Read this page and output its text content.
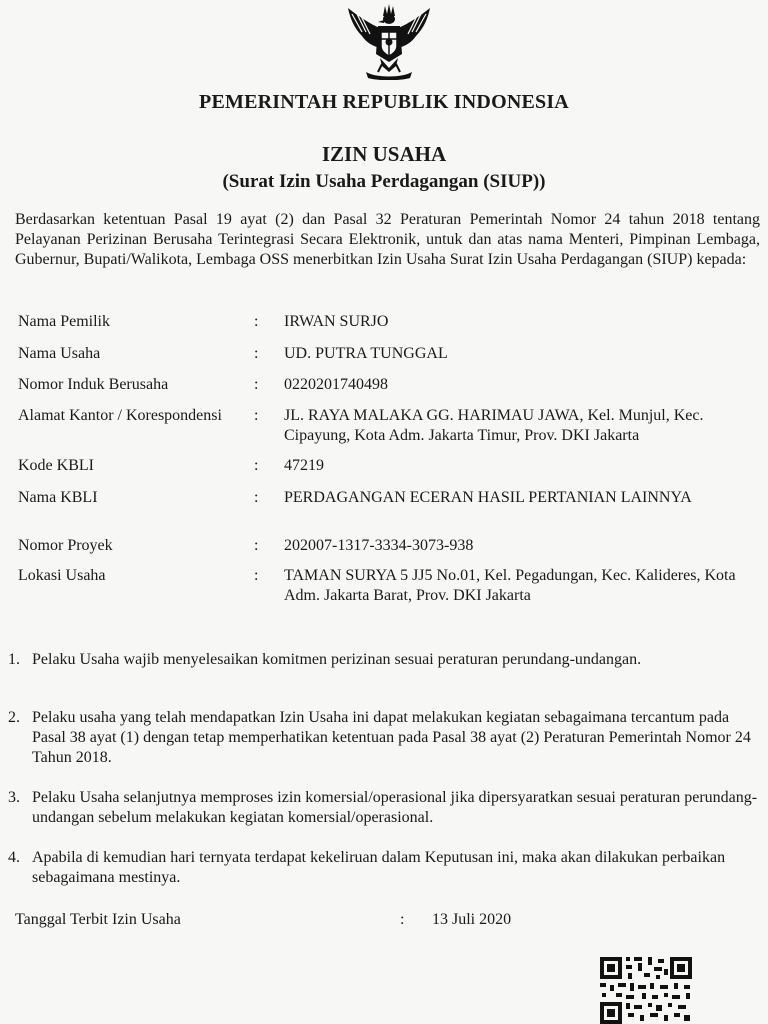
PEMERINTAH REPUBLIK INDONESIA
IZIN USAHA
(Surat Izin Usaha Perdagangan (SIUP))
Berdasarkan ketentuan Pasal 19 ayat (2) dan Pasal 32 Peraturan Pemerintah Nomor 24 tahun 2018 tentang Pelayanan Perizinan Berusaha Terintegrasi Secara Elektronik, untuk dan atas nama Menteri, Pimpinan Lembaga, Gubernur, Bupati/Walikota, Lembaga OSS menerbitkan Izin Usaha Surat Izin Usaha Perdagangan (SIUP) kepada:
Nama Pemilik	: IRWAN SURJO
Nama Usaha	: UD. PUTRA TUNGGAL
Nomor Induk Berusaha	: 0220201740498
Alamat Kantor / Korespondensi	: JL. RAYA MALAKA GG. HARIMAU JAWA, Kel. Munjul, Kec. Cipayung, Kota Adm. Jakarta Timur, Prov. DKI Jakarta
Kode KBLI	: 47219
Nama KBLI	: PERDAGANGAN ECERAN HASIL PERTANIAN LAINNYA
Nomor Proyek	: 202007-1317-3334-3073-938
Lokasi Usaha	: TAMAN SURYA 5 JJ5 No.01, Kel. Pegadungan, Kec. Kalideres, Kota Adm. Jakarta Barat, Prov. DKI Jakarta
1. Pelaku Usaha wajib menyelesaikan komitmen perizinan sesuai peraturan perundang-undangan.
2. Pelaku usaha yang telah mendapatkan Izin Usaha ini dapat melakukan kegiatan sebagaimana tercantum pada Pasal 38 ayat (1) dengan tetap memperhatikan ketentuan pada Pasal 38 ayat (2) Peraturan Pemerintah Nomor 24 Tahun 2018.
3. Pelaku Usaha selanjutnya memproses izin komersial/operasional jika dipersyaratkan sesuai peraturan perundang-undangan sebelum melakukan kegiatan komersial/operasional.
4. Apabila di kemudian hari ternyata terdapat kekeliruan dalam Keputusan ini, maka akan dilakukan perbaikan sebagaimana mestinya.
Tanggal Terbit Izin Usaha	: 13 Juli 2020
